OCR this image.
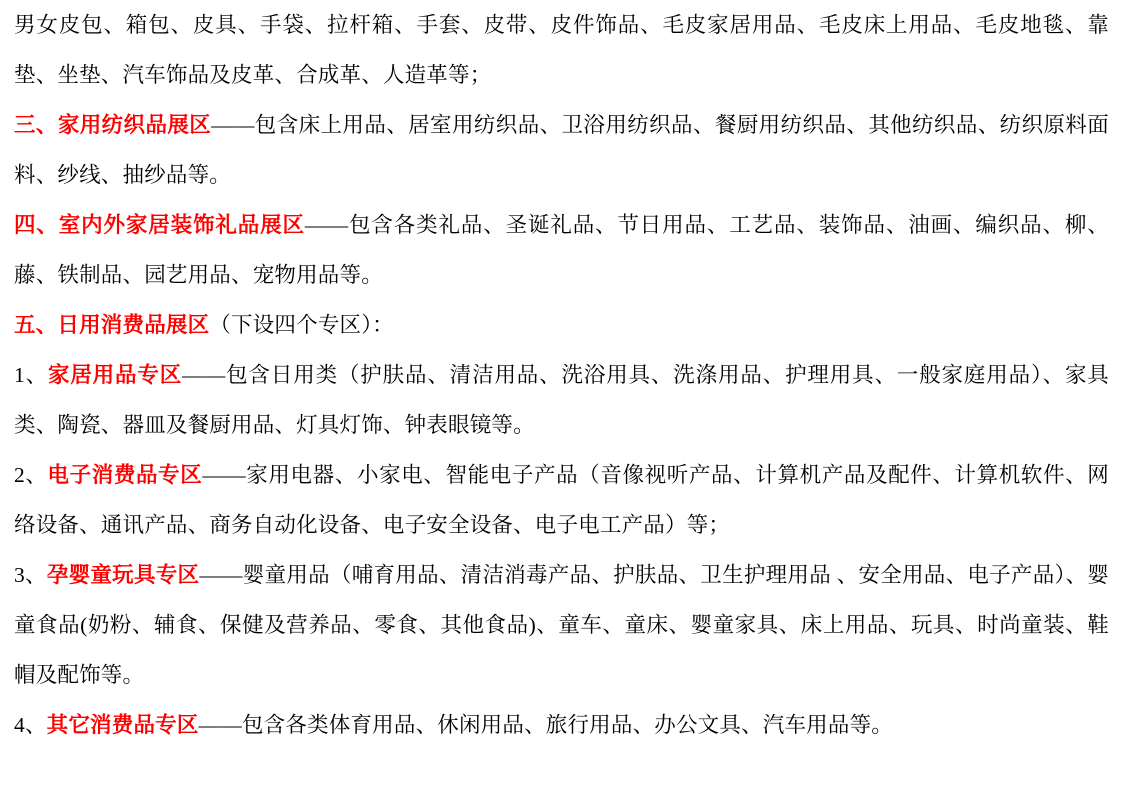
男女皮包、箱包、皮具、手袋、拉杆箱、手套、皮带、皮件饰品、毛皮家居用品、毛皮床上用品、毛皮地毯、靠垫、坐垫、汽车饰品及皮革、合成革、人造革等；

三、家用纺织品展区——包含床上用品、居室用纺织品、卫浴用纺织品、餐厨用纺织品、其他纺织品、纺织原料面料、纱线、抽纱品等。

四、室内外家居装饰礼品展区——包含各类礼品、圣诞礼品、节日用品、工艺品、装饰品、油画、编织品、柳、藤、铁制品、园艺用品、宠物用品等。

五、日用消费品展区（下设四个专区）：

1、家居用品专区——包含日用类（护肤品、清洁用品、洗浴用具、洗涤用品、护理用具、一般家庭用品）、家具类、陶瓷、器皿及餐厨用品、灯具灯饰、钟表眼镜等。

2、电子消费品专区——家用电器、小家电、智能电子产品（音像视听产品、计算机产品及配件、计算机软件、网络设备、通讯产品、商务自动化设备、电子安全设备、电子电工产品）等；

3、孕婴童玩具专区——婴童用品（哺育用品、清洁消毒产品、护肤品、卫生护理用品 、安全用品、电子产品）、婴童食品(奶粉、辅食、保健及营养品、零食、其他食品)、童车、童床、婴童家具、床上用品、玩具、时尚童装、鞋帽及配饰等。

4、其它消费品专区——包含各类体育用品、休闲用品、旅行用品、办公文具、汽车用品等。
